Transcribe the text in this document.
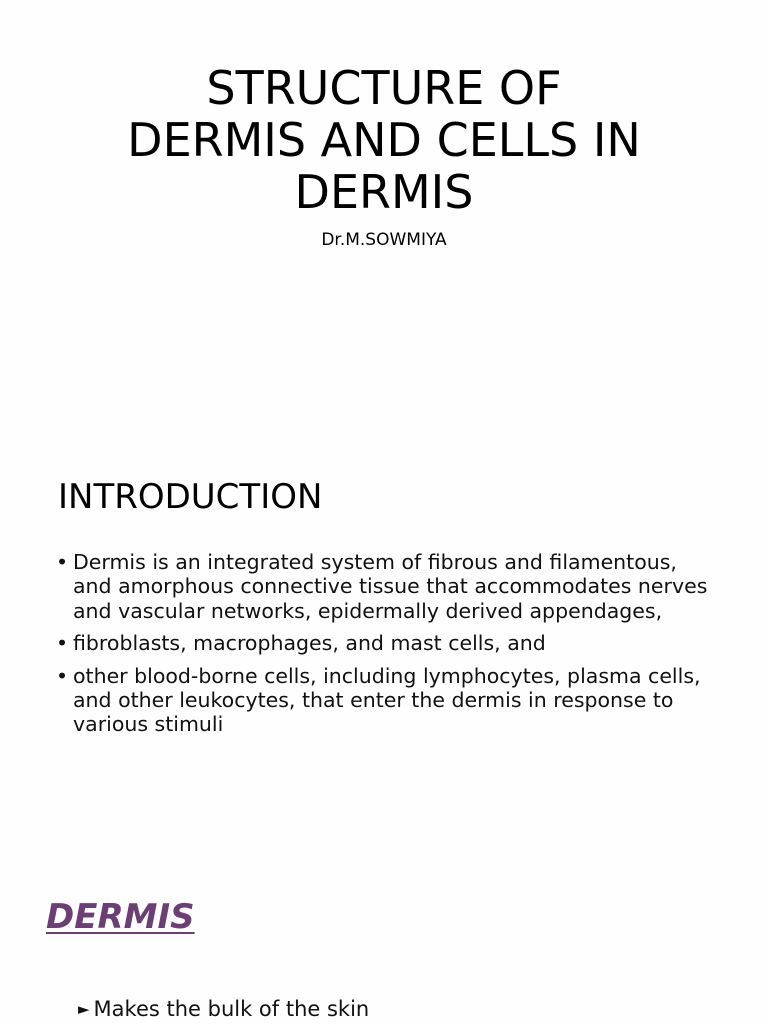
STRUCTURE OF
DERMIS AND CELLS IN
DERMIS
Dr.M.SOWMIYA
INTRODUCTION
• Dermis is an integrated system of fibrous and filamentous, and amorphous connective tissue that accommodates nerves and vascular networks, epidermally derived appendages,
• fibroblasts, macrophages, and mast cells, and
• other blood-borne cells, including lymphocytes, plasma cells, and other leukocytes, that enter the dermis in response to various stimuli
DERMIS
► Makes the bulk of the skin
